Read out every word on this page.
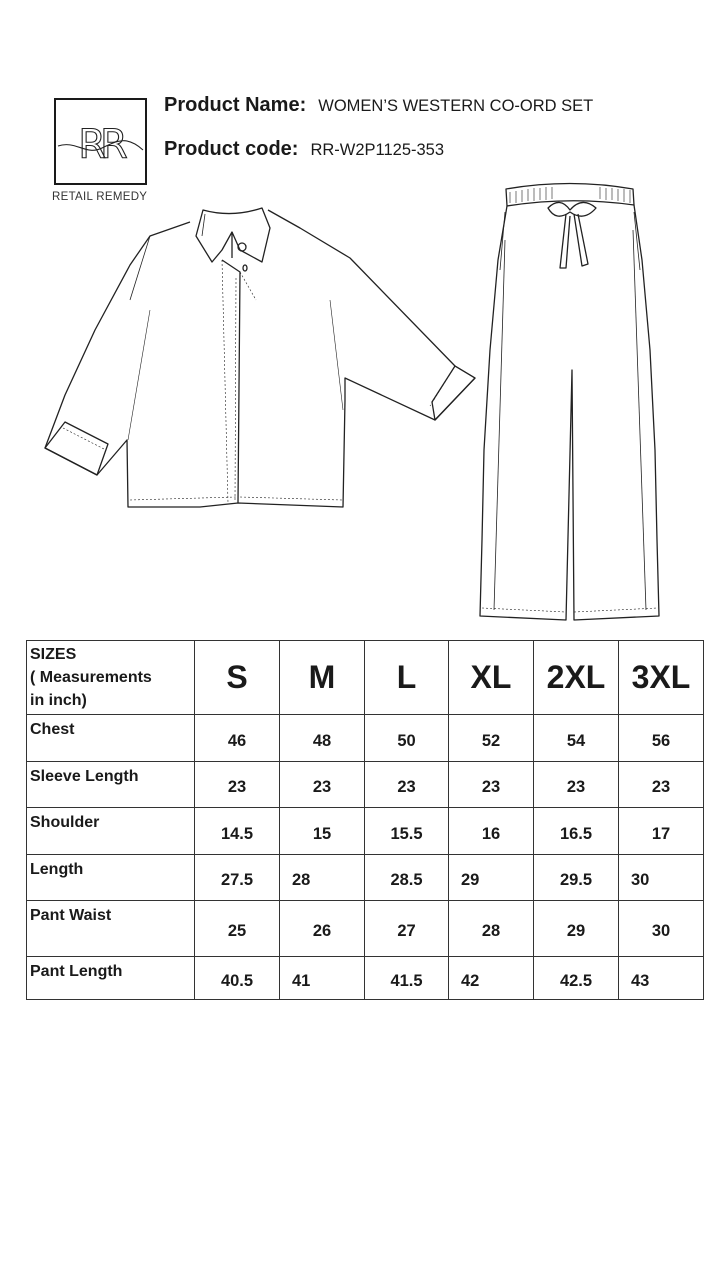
RR
RETAIL REMEDY
Product Name: WOMEN’S WESTERN CO-ORD SET
Product code: RR-W2P1125-353
SIZES
( Measurements
in inch)	S	M	L	XL	2XL	3XL
Chest	46	48	50	52	54	56
Sleeve Length	23	23	23	23	23	23
Shoulder	14.5	15	15.5	16	16.5	17
Length	27.5	28	28.5	29	29.5	30
Pant Waist	25	26	27	28	29	30
Pant Length	40.5	41	41.5	42	42.5	43
